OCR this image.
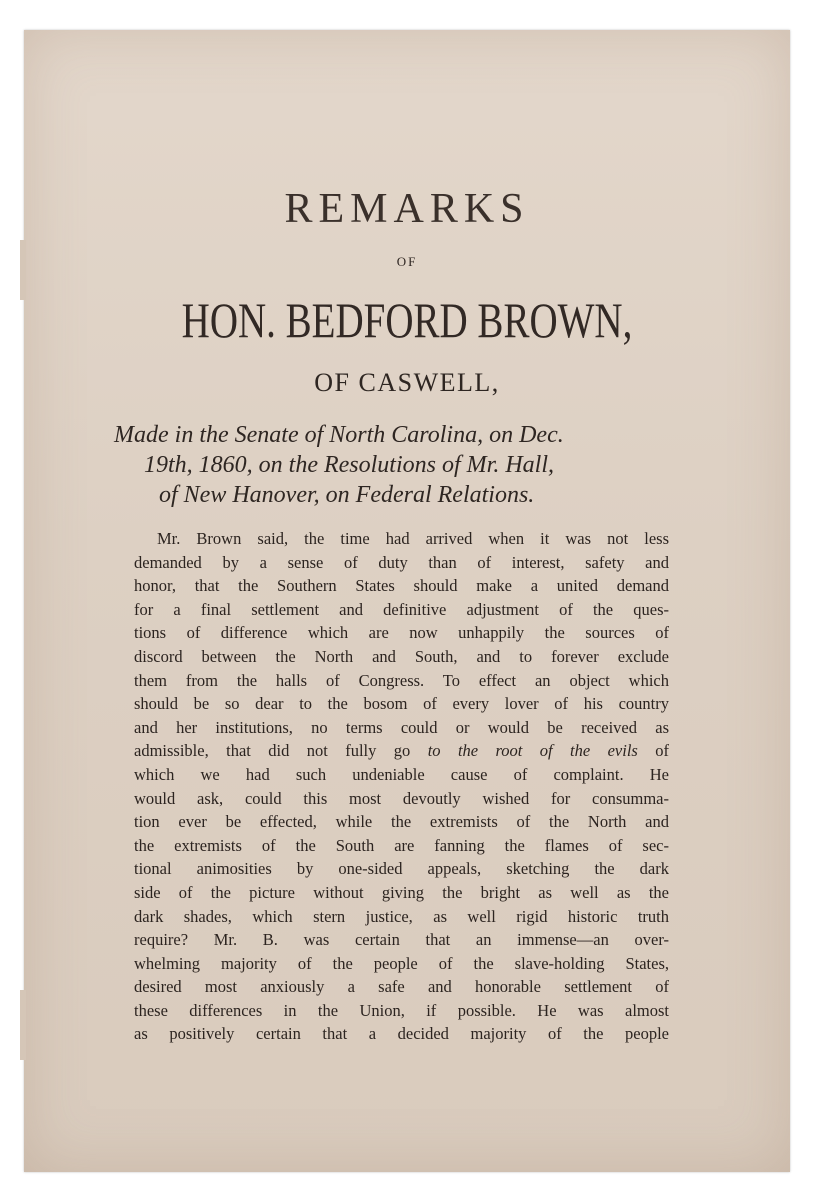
REMARKS
OF
HON. BEDFORD BROWN,
OF CASWELL,
Made in the Senate of North Carolina, on Dec.
19th, 1860, on the Resolutions of Mr. Hall,
of New Hanover, on Federal Relations.
Mr. Brown said, the time had arrived when it was not less
demanded by a sense of duty than of interest, safety and
honor, that the Southern States should make a united demand
for a final settlement and definitive adjustment of the ques-
tions of difference which are now unhappily the sources of
discord between the North and South, and to forever exclude
them from the halls of Congress. To effect an object which
should be so dear to the bosom of every lover of his country
and her institutions, no terms could or would be received as
admissible, that did not fully go to the root of the evils of
which we had such undeniable cause of complaint. He
would ask, could this most devoutly wished for consumma-
tion ever be effected, while the extremists of the North and
the extremists of the South are fanning the flames of sec-
tional animosities by one-sided appeals, sketching the dark
side of the picture without giving the bright as well as the
dark shades, which stern justice, as well rigid historic truth
require? Mr. B. was certain that an immense—an over-
whelming majority of the people of the slave-holding States,
desired most anxiously a safe and honorable settlement of
these differences in the Union, if possible. He was almost
as positively certain that a decided majority of the people
